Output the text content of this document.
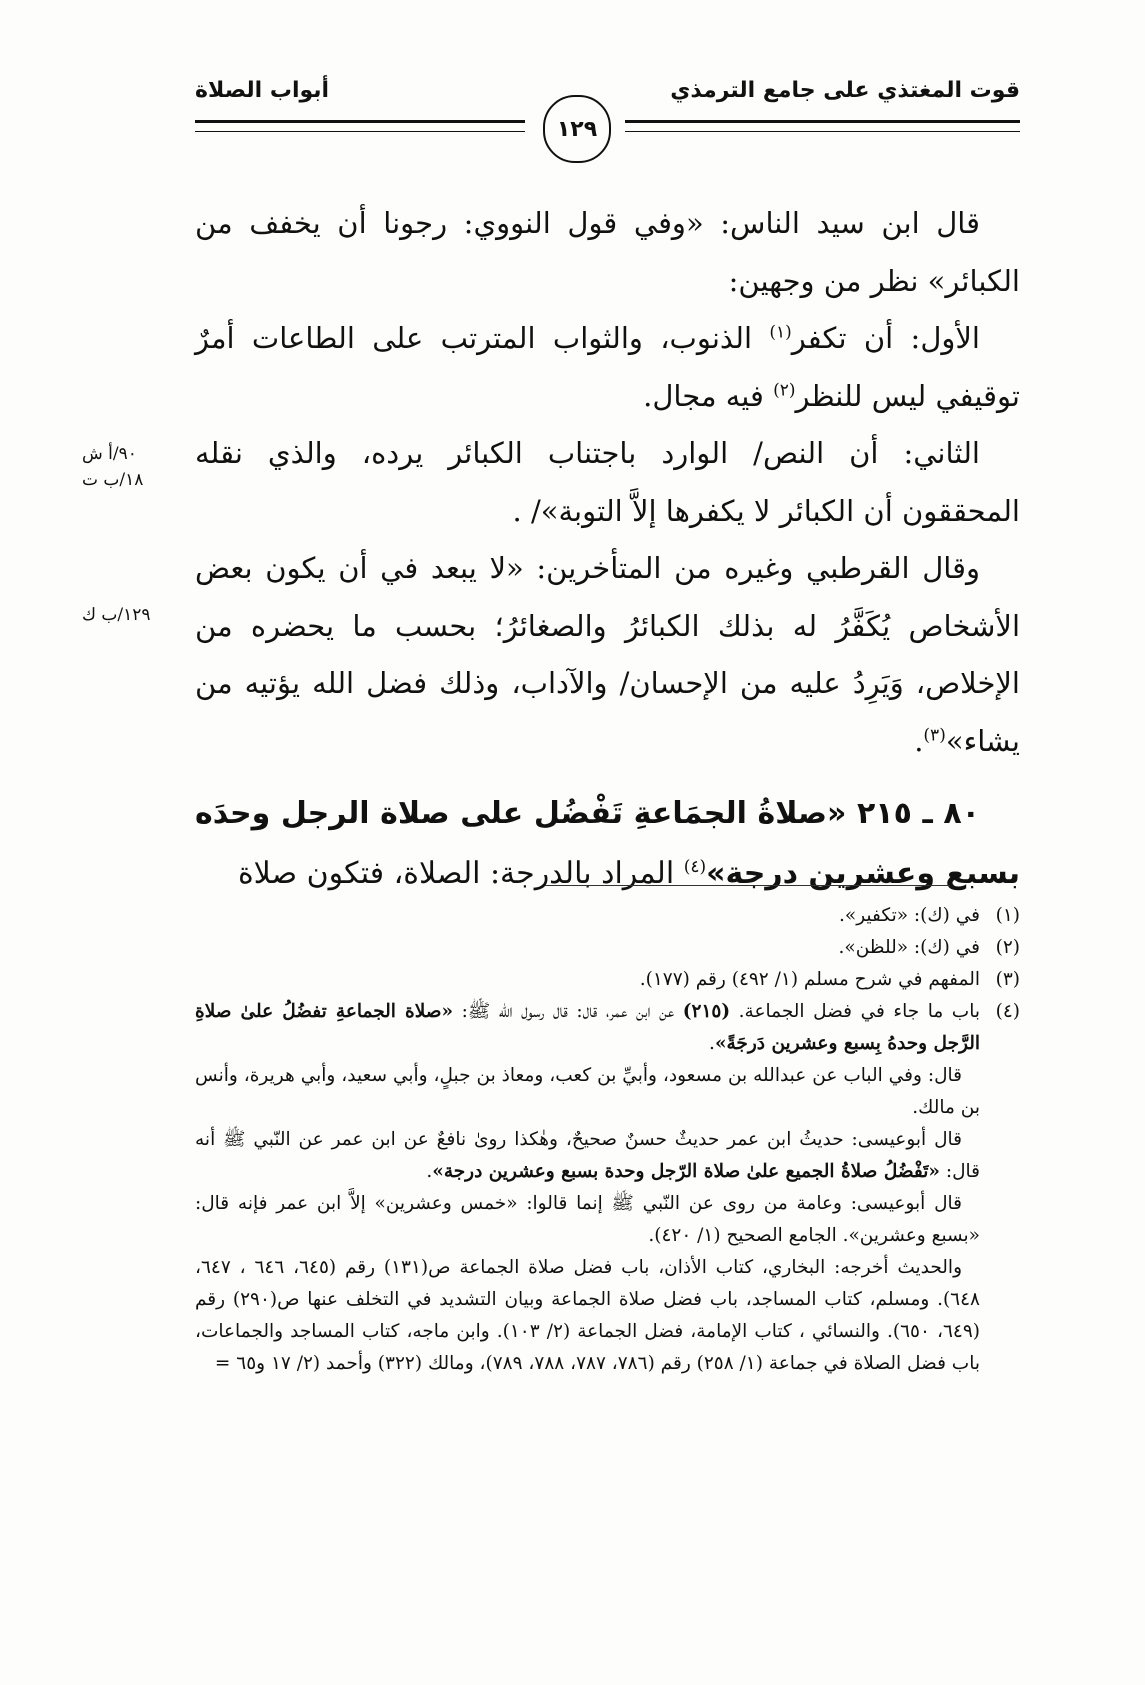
قوت المغتذي على جامع الترمذي
أبواب الصلاة
١٢٩

قال ابن سيد الناس: «وفي قول النووي: رجونا أن يخفف من الكبائر» نظر من وجهين:

الأول: أن تكفر$^{(١)}$ الذنوب، والثواب المترتب على الطاعات أمرٌ توقيفي ليس للنظر$^{(٢)}$ فيه مجال.

الثاني: أن النص/ الوارد باجتناب الكبائر يرده، والذي نقله المحققون أن الكبائر لا يكفرها إلاَّ التوبة»/ .

وقال القرطبي وغيره من المتأخرين: «لا يبعد في أن يكون بعض الأشخاص يُكَفَّرُ له بذلك الكبائرُ والصغائرُ؛ بحسب ما يحضره من الإخلاص، وَيَرِدُ عليه من الإحسان/ والآداب، وذلك فضل الله يؤتيه من يشاء»$^{(٣)}$.

٨٠ ـ ٢١٥ «صلاةُ الجمَاعةِ تَفْضُل على صلاة الرجل وحدَه بسبع وعشرين درجة»$^{(٤)}$ المراد بالدرجة: الصلاة، فتكون صلاة

٩٠/أ ش
١٨/ب ت
١٢٩/ب ك
(١)
في (ك): «تكفير».
(٢)
في (ك): «للظن».
(٣)
المفهم في شرح مسلم (١/ ٤٩٢) رقم (١٧٧).
(٤)
باب ما جاء في فضل الجماعة. (٢١٥) عن ابن عمر، قال: قال رسول الله ﷺ: «صلاة الجماعةِ تفضُلُ علىٰ صلاةِ الرَّجل وحدهُ بِسبع وعشرين دَرجَةً».

قال: وفي الباب عن عبدالله بن مسعود، وأبيِّ بن كعب، ومعاذ بن جبلٍ، وأبي سعيد، وأبي هريرة، وأنس بن مالك.

قال أبوعيسى: حديثُ ابن عمر حديثٌ حسنٌ صحيحٌ، وهٰكذا روىٰ نافعٌ عن ابن عمر عن النّبي ﷺ أنه قال: «تَفْضُلُ صلاةُ الجميع علىٰ صلاة الرّجل وحدة بسبع وعشرين درجة».

قال أبوعيسى: وعامة من روى عن النّبي ﷺ إنما قالوا: «خمس وعشرين» إلاَّ ابن عمر فإنه قال: «بسبع وعشرين». الجامع الصحيح (١/ ٤٢٠).

والحديث أخرجه: البخاري، كتاب الأذان، باب فضل صلاة الجماعة ص(١٣١) رقم (٦٤٥، ٦٤٦ ، ٦٤٧، ٦٤٨). ومسلم، كتاب المساجد، باب فضل صلاة الجماعة وبيان التشديد في التخلف عنها ص(٢٩٠) رقم (٦٤٩، ٦٥٠). والنسائي ، كتاب الإمامة، فضل الجماعة (٢/ ١٠٣). وابن ماجه، كتاب المساجد والجماعات، باب فضل الصلاة في جماعة (١/ ٢٥٨) رقم (٧٨٦، ٧٨٧، ٧٨٨، ٧٨٩)، ومالك (٣٢٢) وأحمد (٢/ ١٧ و٦٥ =
